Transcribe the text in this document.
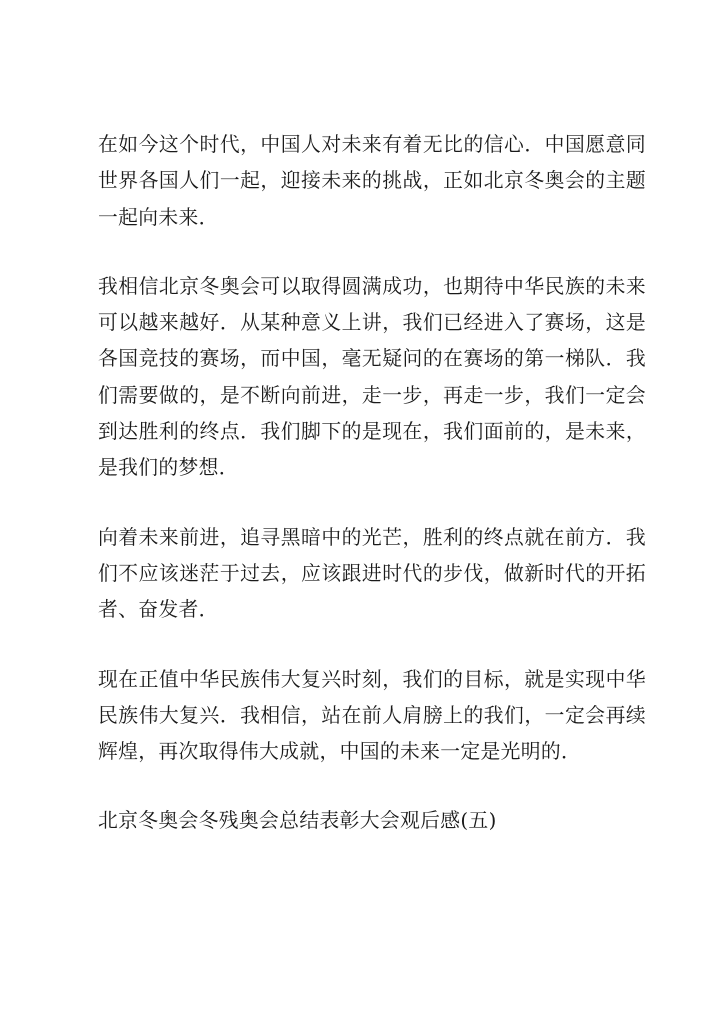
在如今这个时代，中国人对未来有着无比的信心．中国愿意同世界各国人们一起，迎接未来的挑战，正如北京冬奥会的主题一起向未来．

我相信北京冬奥会可以取得圆满成功，也期待中华民族的未来可以越来越好．从某种意义上讲，我们已经进入了赛场，这是各国竞技的赛场，而中国，毫无疑问的在赛场的第一梯队．我们需要做的，是不断向前进，走一步，再走一步，我们一定会到达胜利的终点．我们脚下的是现在，我们面前的，是未来，是我们的梦想．

向着未来前进，追寻黑暗中的光芒，胜利的终点就在前方．我们不应该迷茫于过去，应该跟进时代的步伐，做新时代的开拓者、奋发者．

现在正值中华民族伟大复兴时刻，我们的目标，就是实现中华民族伟大复兴．我相信，站在前人肩膀上的我们，一定会再续辉煌，再次取得伟大成就，中国的未来一定是光明的．

北京冬奥会冬残奥会总结表彰大会观后感(五)
